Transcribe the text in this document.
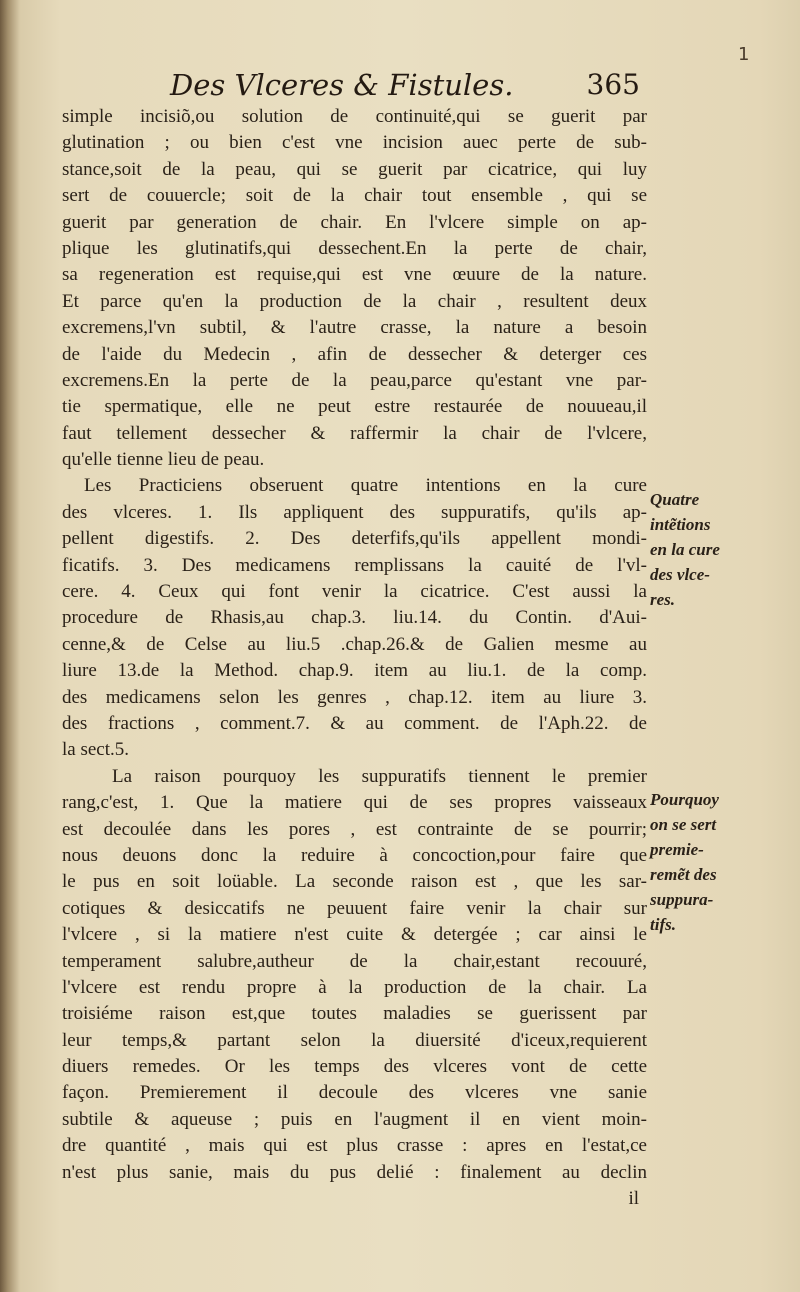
1
Des Vlceres & Fistules.	365
simple incisiõ,ou solution de continuité,qui se guerit par
glutination ; ou bien c'est vne incision auec perte de sub-
stance,soit de la peau, qui se guerit par cicatrice, qui luy
sert de couuercle; soit de la chair tout ensemble , qui se
guerit par generation de chair. En l'vlcere simple on ap-
plique les glutinatifs,qui dessechent.En la perte de chair,
sa regeneration est requise,qui est vne œuure de la nature.
Et parce qu'en la production de la chair , resultent deux
excremens,l'vn subtil, & l'autre crasse, la nature a besoin
de l'aide du Medecin , afin de dessecher & deterger ces
excremens.En la perte de la peau,parce qu'estant vne par-
tie spermatique, elle ne peut estre restaurée de nouueau,il
faut tellement dessecher & raffermir la chair de l'vlcere,
qu'elle tienne lieu de peau.
Les Practiciens obseruent quatre intentions en la cure
des vlceres. 1. Ils appliquent des suppuratifs, qu'ils ap-
pellent digestifs. 2. Des deterfifs,qu'ils appellent mondi-
ficatifs. 3. Des medicamens remplissans la cauité de l'vl-
cere. 4. Ceux qui font venir la cicatrice. C'est aussi la
procedure de Rhasis,au chap.3. liu.14. du Contin. d'Aui-
cenne,& de Celse au liu.5 .chap.26.& de Galien mesme au
liure 13.de la Method. chap.9. item au liu.1. de la comp.
des medicamens selon les genres , chap.12. item au liure 3.
des fractions , comment.7. & au comment. de l'Aph.22. de
la sect.5.
La raison pourquoy les suppuratifs tiennent le premier
rang,c'est, 1. Que la matiere qui de ses propres vaisseaux
est decoulée dans les pores , est contrainte de se pourrir;
nous deuons donc la reduire à concoction,pour faire que
le pus en soit loüable. La seconde raison est , que les sar-
cotiques & desiccatifs ne peuuent faire venir la chair sur
l'vlcere , si la matiere n'est cuite & detergée ; car ainsi le
temperament salubre,autheur de la chair,estant recouuré,
l'vlcere est rendu propre à la production de la chair. La
troisiéme raison est,que toutes maladies se guerissent par
leur temps,& partant selon la diuersité d'iceux,requierent
diuers remedes. Or les temps des vlceres vont de cette
façon. Premierement il decoule des vlceres vne sanie
subtile & aqueuse ; puis en l'augment il en vient moin-
dre quantité , mais qui est plus crasse : apres en l'estat,ce
n'est plus sanie, mais du pus delié : finalement au declin
il
Quatre
intẽtions
en la cure
des vlce-
res.
Pourquoy
on se sert
premie-
remẽt des
suppura-
tifs.
